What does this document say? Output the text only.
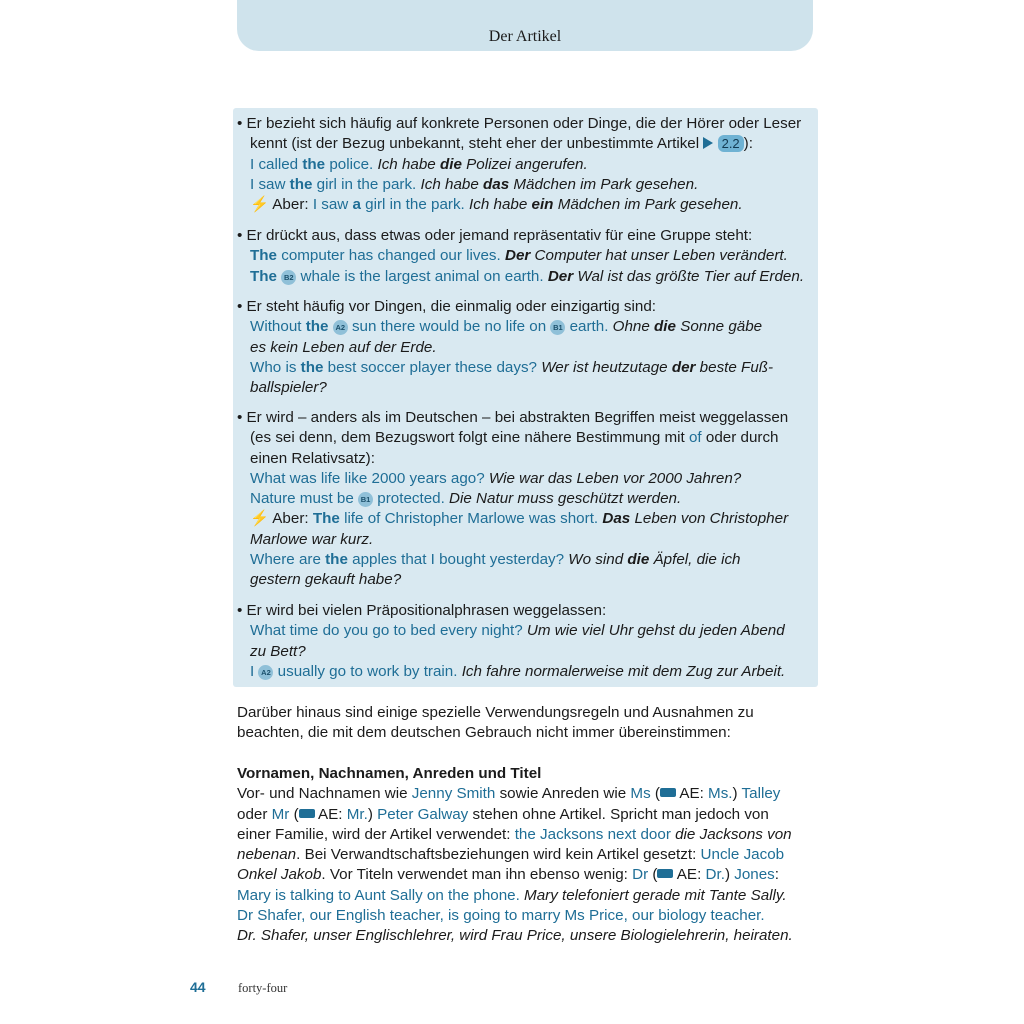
Der Artikel
• Er bezieht sich häufig auf konkrete Personen oder Dinge, die der Hörer oder Leser
kennt (ist der Bezug unbekannt, steht eher der unbestimmte Artikel 2.2 ):
I called the police. Ich habe die Polizei angerufen.
I saw the girl in the park. Ich habe das Mädchen im Park gesehen.
⚡ Aber: I saw a girl in the park. Ich habe ein Mädchen im Park gesehen.
• Er drückt aus, dass etwas oder jemand repräsentativ für eine Gruppe steht:
The computer has changed our lives. Der Computer hat unser Leben verändert.
The B2 whale is the largest animal on earth. Der Wal ist das größte Tier auf Erden.
• Er steht häufig vor Dingen, die einmalig oder einzigartig sind:
Without the A2 sun there would be no life on B1 earth. Ohne die Sonne gäbe
es kein Leben auf der Erde.
Who is the best soccer player these days? Wer ist heutzutage der beste Fuß-
ballspieler?
• Er wird – anders als im Deutschen – bei abstrakten Begriffen meist weggelassen
(es sei denn, dem Bezugswort folgt eine nähere Bestimmung mit of oder durch
einen Relativsatz):
What was life like 2000 years ago? Wie war das Leben vor 2000 Jahren?
Nature must be B1 protected. Die Natur muss geschützt werden.
⚡ Aber: The life of Christopher Marlowe was short. Das Leben von Christopher
Marlowe war kurz.
Where are the apples that I bought yesterday? Wo sind die Äpfel, die ich
gestern gekauft habe?
• Er wird bei vielen Präpositionalphrasen weggelassen:
What time do you go to bed every night? Um wie viel Uhr gehst du jeden Abend
zu Bett?
I A2 usually go to work by train. Ich fahre normalerweise mit dem Zug zur Arbeit.
Darüber hinaus sind einige spezielle Verwendungsregeln und Ausnahmen zu
beachten, die mit dem deutschen Gebrauch nicht immer übereinstimmen:
Vornamen, Nachnamen, Anreden und Titel
Vor- und Nachnamen wie Jenny Smith sowie Anreden wie Ms ( AE: Ms.) Talley
oder Mr ( AE: Mr.) Peter Galway stehen ohne Artikel. Spricht man jedoch von
einer Familie, wird der Artikel verwendet: the Jacksons next door die Jacksons von
nebenan. Bei Verwandtschaftsbeziehungen wird kein Artikel gesetzt: Uncle Jacob
Onkel Jakob. Vor Titeln verwendet man ihn ebenso wenig: Dr ( AE: Dr.) Jones:
Mary is talking to Aunt Sally on the phone. Mary telefoniert gerade mit Tante Sally.
Dr Shafer, our English teacher, is going to marry Ms Price, our biology teacher.
Dr. Shafer, unser Englischlehrer, wird Frau Price, unsere Biologielehrerin, heiraten.
44	forty-four
